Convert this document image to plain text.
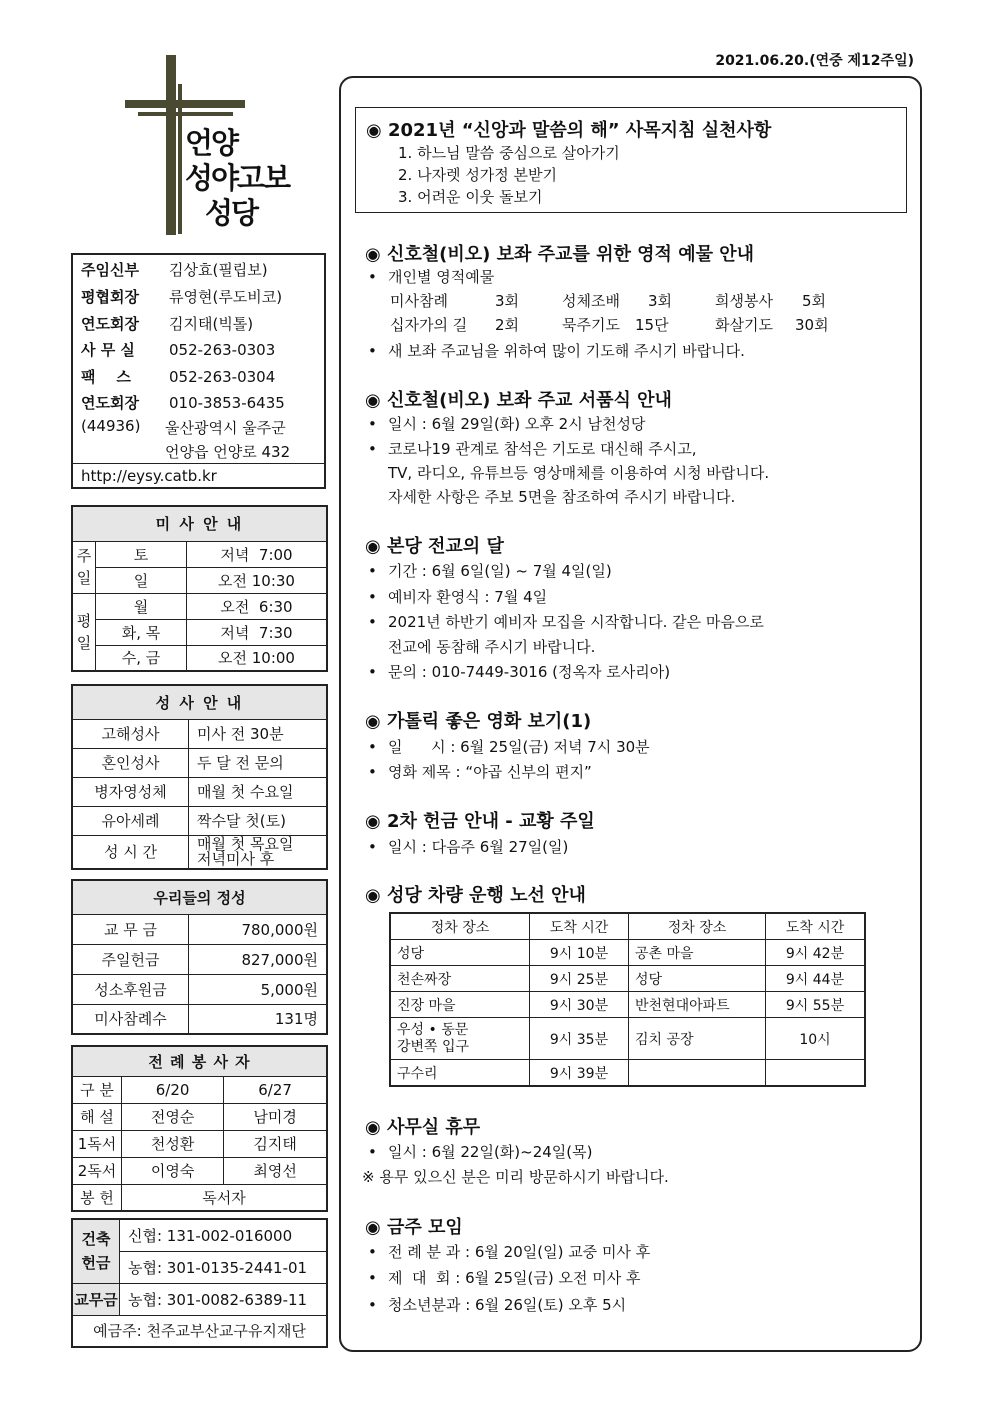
2021.06.20.(연중 제12주일)
언양
성야고보
성당
주임신부 김상효(필립보)
평협회장 류영현(루도비코)
연도회장 김지태(빅톨)
사 무 실 052-263-0303
팩    스	052-263-0304
연도회장 010-3853-6435
(44936) 울산광역시 울주군
언양읍 언양로 432
http://eysy.catb.kr
미 사 안 내		
주일	토	저녁  7:00
	일	오전 10:30
평일	월	오전  6:30
	화, 목	저녁  7:30
	수, 금	오전 10:00
성 사 안 내	
고해성사	미사 전 30분
혼인성사	두 달 전 문의
병자영성체	매월 첫 수요일
유아세례	짝수달 첫(토)
성 시 간	매월 첫 목요일
저녁미사 후
우리들의 정성	
교 무 금	780,000원
주일헌금	827,000원
성소후원금	5,000원
미사참례수	131명
전 례 봉 사 자		
구 분	6/20	6/27
해 설	전영순	남미경
1독서	천성환	김지태
2독서	이영숙	최영선
봉 헌	독서자	
건축
헌금	신협: 131-002-016000
	농협: 301-0135-2441-01
교무금	농협: 301-0082-6389-11
예금주: 천주교부산교구유지재단	
◉ 2021년 “신앙과 말씀의 해” 사목지침 실천사항
1. 하느님 말씀 중심으로 살아가기
2. 나자렛 성가정 본받기
3. 어려운 이웃 돌보기
◉ 신호철(비오) 보좌 주교를 위한 영적 예물 안내
• 개인별 영적예물
미사참례	3회	성체조배 3회	희생봉사 5회
십자가의 길 2회	묵주기도 15단	화살기도 30회
• 새 보좌 주교님을 위하여 많이 기도해 주시기 바랍니다.
◉ 신호철(비오) 보좌 주교 서품식 안내
• 일시 : 6월 29일(화) 오후 2시 남천성당
• 코로나19 관계로 참석은 기도로 대신해 주시고,
TV, 라디오, 유튜브등 영상매체를 이용하여 시청 바랍니다.
자세한 사항은 주보 5면을 참조하여 주시기 바랍니다.
◉ 본당 전교의 달
• 기간 : 6월 6일(일) ~ 7월 4일(일)
• 예비자 환영식 : 7월 4일
• 2021년 하반기 예비자 모집을 시작합니다. 같은 마음으로
전교에 동참해 주시기 바랍니다.
• 문의 : 010-7449-3016 (정옥자 로사리아)
◉ 가톨릭 좋은 영화 보기(1)
• 일      시 : 6월 25일(금) 저녁 7시 30분
• 영화 제목 : “야곱 신부의 편지”
◉ 2차 헌금 안내 - 교황 주일
• 일시 : 다음주 6월 27일(일)
◉ 성당 차량 운행 노선 안내
정차 장소	도착 시간	정차 장소	도착 시간
성당	9시 10분	공촌 마을	9시 42분
천손짜장	9시 25분	성당	9시 44분
진장 마을	9시 30분	반천현대아파트	9시 55분

우성 • 동문
강변쪽 입구	9시 35분	김치 공장	10시
구수리	9시 39분		
◉ 사무실 휴무
• 일시 : 6월 22일(화)~24일(목)
※ 용무 있으신 분은 미리 방문하시기 바랍니다.
◉ 금주 모임
• 전 례 분 과 : 6월 20일(일) 교중 미사 후
• 제  대  회 : 6월 25일(금) 오전 미사 후
• 청소년분과 : 6월 26일(토) 오후 5시
